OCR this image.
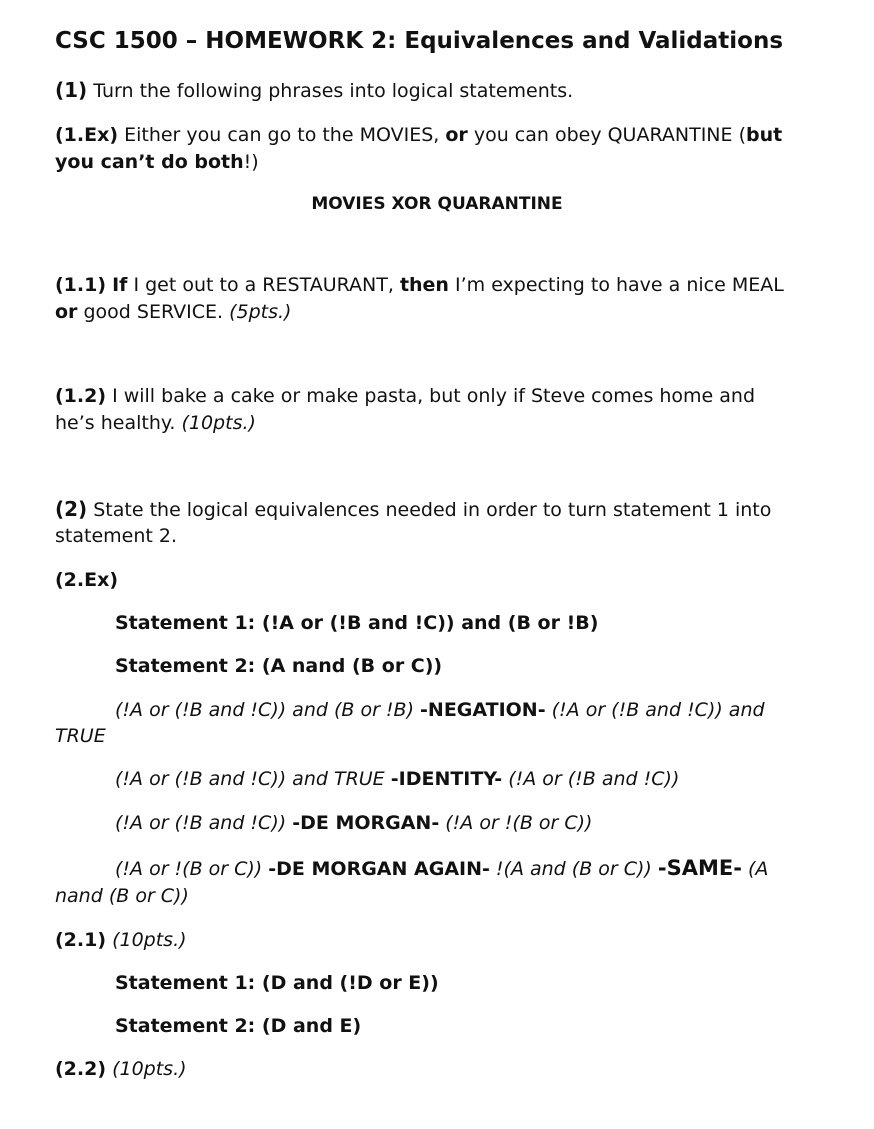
CSC 1500 – HOMEWORK 2: Equivalences and Validations
(1) Turn the following phrases into logical statements.
(1.Ex) Either you can go to the MOVIES, or you can obey QUARANTINE (but
you can’t do both!)
MOVIES XOR QUARANTINE
(1.1) If I get out to a RESTAURANT, then I’m expecting to have a nice MEAL
or good SERVICE. (5pts.)
(1.2) I will bake a cake or make pasta, but only if Steve comes home and
he’s healthy. (10pts.)
(2) State the logical equivalences needed in order to turn statement 1 into
statement 2.
(2.Ex)
Statement 1: (!A or (!B and !C)) and (B or !B)
Statement 2: (A nand (B or C))
(!A or (!B and !C)) and (B or !B) -NEGATION- (!A or (!B and !C)) and
TRUE
(!A or (!B and !C)) and TRUE -IDENTITY- (!A or (!B and !C))
(!A or (!B and !C)) -DE MORGAN- (!A or !(B or C))
(!A or !(B or C)) -DE MORGAN AGAIN- !(A and (B or C)) -SAME- (A
nand (B or C))
(2.1) (10pts.)
Statement 1: (D and (!D or E))
Statement 2: (D and E)
(2.2) (10pts.)
